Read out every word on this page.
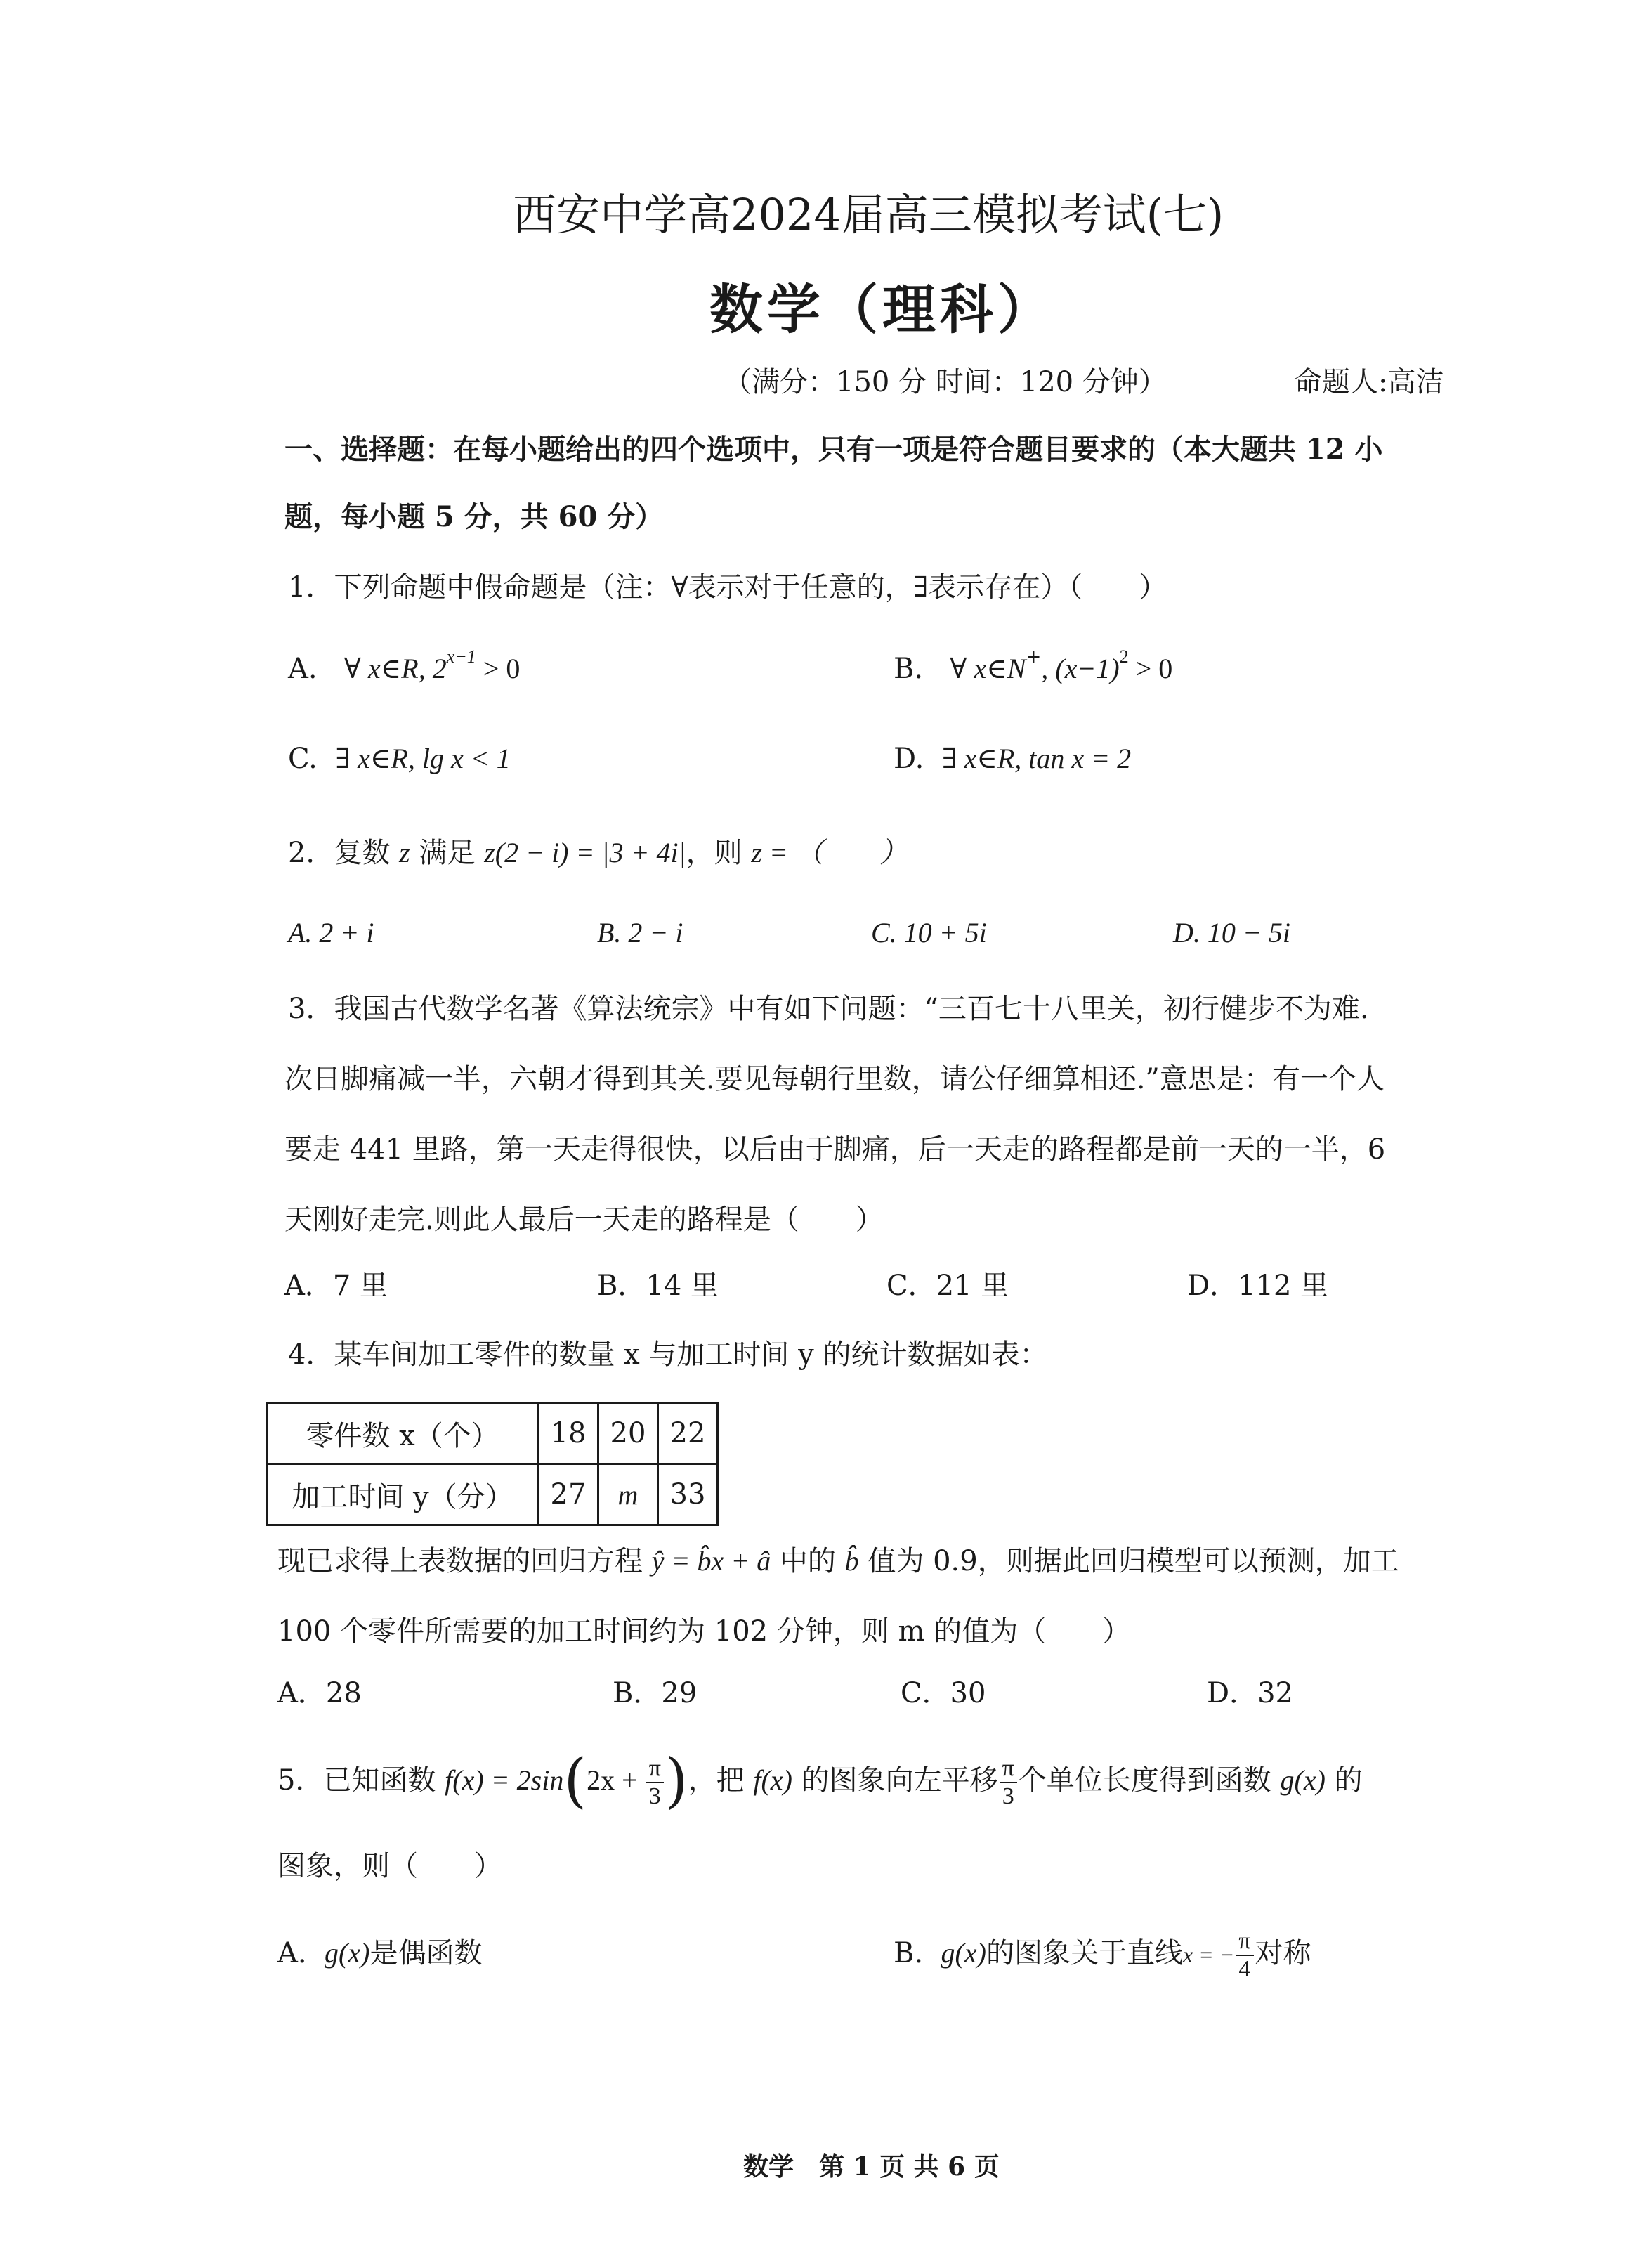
西安中学高2024届高三模拟考试(七)
数学（理科）
（满分：150 分 时间：120 分钟）	命题人:高洁
一、选择题：在每小题给出的四个选项中，只有一项是符合题目要求的（本大题共 12 小
题，每小题 5 分，共 60 分）
1．下列命题中假命题是（注：∀表示对于任意的，∃表示存在）（　　）
A. ∀ x∈R, $2^{x-1} > 0$	B. ∀ x∈N+, $(x-1)^2 > 0$
C. ∃ x∈R, lg x < 1	D. ∃ x∈R, tan x = 2
2．复数 z 满足 z(2 − i) = |3 + 4i|，则 z = （　　）
A. 2 + i	B. 2 − i	C. 10 + 5i	D. 10 − 5i
3．我国古代数学名著《算法统宗》中有如下问题：“三百七十八里关，初行健步不为难.
次日脚痛减一半，六朝才得到其关.要见每朝行里数，请公仔细算相还.”意思是：有一个人
要走 441 里路，第一天走得很快，以后由于脚痛，后一天走的路程都是前一天的一半，6
天刚好走完.则此人最后一天走的路程是（　　）
A．7 里	B．14 里	C．21 里	D．112 里
4．某车间加工零件的数量 x 与加工时间 y 的统计数据如表：
零件数 x（个）	18	20	22
加工时间 y（分）	27	m	33
现已求得上表数据的回归方程 ŷ = b̂x + â 中的 b̂ 值为 0.9，则据此回归模型可以预测，加工
100 个零件所需要的加工时间约为 102 分钟，则 m 的值为（　　）
A．28	B．29	C．30	D．32
5．已知函数 $f(x) = 2\sin(2x + \frac{\pi}{3}$ )，把 f(x) 的图象向左平移 $\frac{\pi}{3}$ 个单位长度得到函数 g(x) 的
图象，则（　　）
A. g(x)是偶函数	B. g(x)的图象关于直线x = − $\frac{\pi}{4}$ 对称
数学　第 1 页 共 6 页
